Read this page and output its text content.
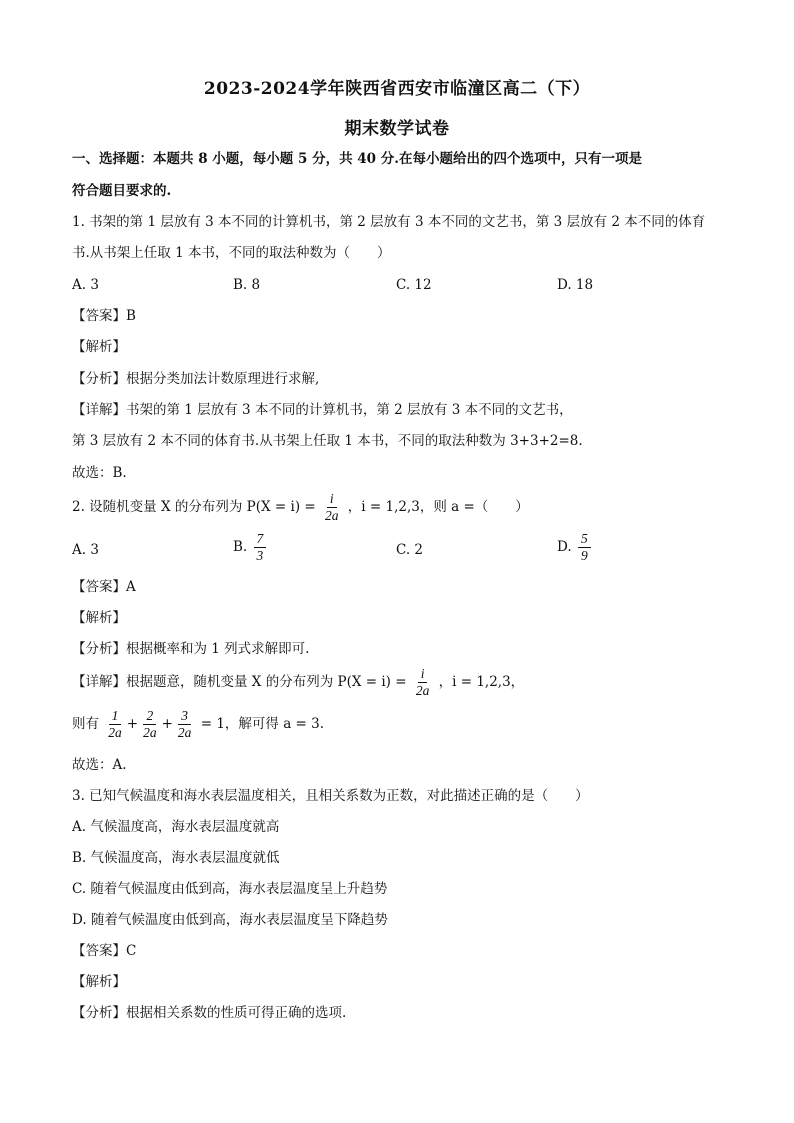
2023-2024学年陕西省西安市临潼区高二（下）
期末数学试卷
一、选择题：本题共 8 小题，每小题 5 分，共 40 分.在每小题给出的四个选项中，只有一项是
符合题目要求的.
1. 书架的第 1 层放有 3 本不同的计算机书，第 2 层放有 3 本不同的文艺书，第 3 层放有 2 本不同的体育
书.从书架上任取 1 本书，不同的取法种数为（　　）
A. 3	B. 8	C. 12	D. 18
【答案】B
【解析】
【分析】根据分类加法计数原理进行求解,
【详解】书架的第 1 层放有 3 本不同的计算机书，第 2 层放有 3 本不同的文艺书，
第 3 层放有 2 本不同的体育书.从书架上任取 1 本书，不同的取法种数为 3+3+2=8.
故选：B.
2. 设随机变量 X 的分布列为 $P(X = i) = \frac{i}{2a}$ ，i = 1,2,3，则 a =（　　）
A. 3	B. $\frac{7}{3}$	C. 2	D. $\frac{5}{9}$
【答案】A
【解析】
【分析】根据概率和为 1 列式求解即可.
【详解】根据题意，随机变量 X 的分布列为 $P(X = i) = \frac{i}{2a}$ ，i = 1,2,3，
则有 $\frac{1}{2a} + \frac{2}{2a} + \frac{3}{2a} = 1$，解可得 a = 3.
故选：A.
3. 已知气候温度和海水表层温度相关，且相关系数为正数，对此描述正确的是（　　）
A. 气候温度高，海水表层温度就高
B. 气候温度高，海水表层温度就低
C. 随着气候温度由低到高，海水表层温度呈上升趋势
D. 随着气候温度由低到高，海水表层温度呈下降趋势
【答案】C
【解析】
【分析】根据相关系数的性质可得正确的选项.
